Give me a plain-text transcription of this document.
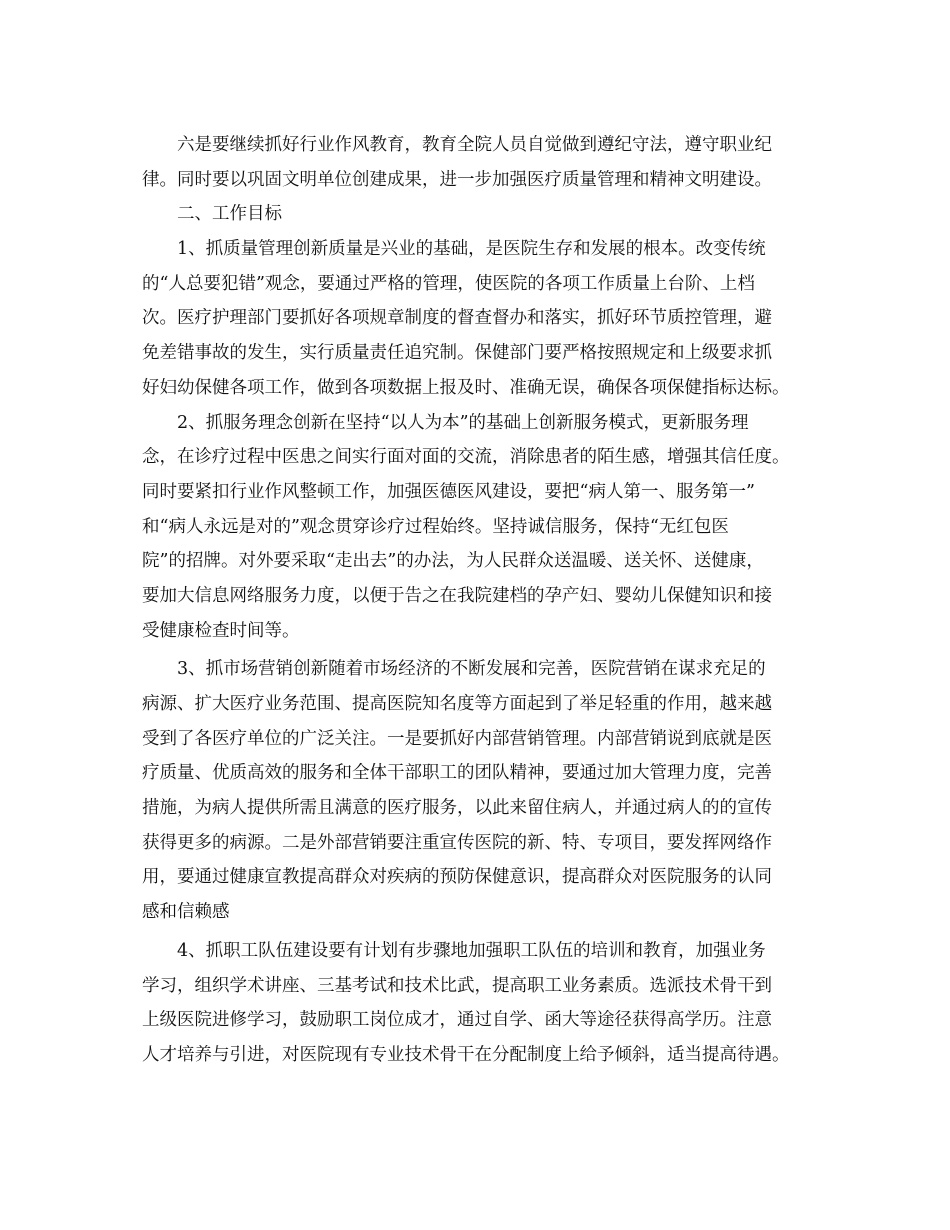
六是要继续抓好行业作风教育，教育全院人员自觉做到遵纪守法，遵守职业纪
律。同时要以巩固文明单位创建成果，进一步加强医疗质量管理和精神文明建设。
二、工作目标
1、抓质量管理创新质量是兴业的基础，是医院生存和发展的根本。改变传统
的“人总要犯错”观念，要通过严格的管理，使医院的各项工作质量上台阶、上档
次。医疗护理部门要抓好各项规章制度的督查督办和落实，抓好环节质控管理，避
免差错事故的发生，实行质量责任追究制。保健部门要严格按照规定和上级要求抓
好妇幼保健各项工作，做到各项数据上报及时、准确无误，确保各项保健指标达标。
2、抓服务理念创新在坚持“以人为本”的基础上创新服务模式，更新服务理
念，在诊疗过程中医患之间实行面对面的交流，消除患者的陌生感，增强其信任度。
同时要紧扣行业作风整顿工作，加强医德医风建设，要把“病人第一、服务第一”
和“病人永远是对的”观念贯穿诊疗过程始终。坚持诚信服务，保持“无红包医
院”的招牌。对外要采取“走出去”的办法，为人民群众送温暖、送关怀、送健康，
要加大信息网络服务力度，以便于告之在我院建档的孕产妇、婴幼儿保健知识和接
受健康检查时间等。
3、抓市场营销创新随着市场经济的不断发展和完善，医院营销在谋求充足的
病源、扩大医疗业务范围、提高医院知名度等方面起到了举足轻重的作用，越来越
受到了各医疗单位的广泛关注。一是要抓好内部营销管理。内部营销说到底就是医
疗质量、优质高效的服务和全体干部职工的团队精神，要通过加大管理力度，完善
措施，为病人提供所需且满意的医疗服务，以此来留住病人，并通过病人的的宣传
获得更多的病源。二是外部营销要注重宣传医院的新、特、专项目，要发挥网络作
用，要通过健康宣教提高群众对疾病的预防保健意识，提高群众对医院服务的认同
感和信赖感
4、抓职工队伍建设要有计划有步骤地加强职工队伍的培训和教育，加强业务
学习，组织学术讲座、三基考试和技术比武，提高职工业务素质。选派技术骨干到
上级医院进修学习，鼓励职工岗位成才，通过自学、函大等途径获得高学历。注意
人才培养与引进，对医院现有专业技术骨干在分配制度上给予倾斜，适当提高待遇。
